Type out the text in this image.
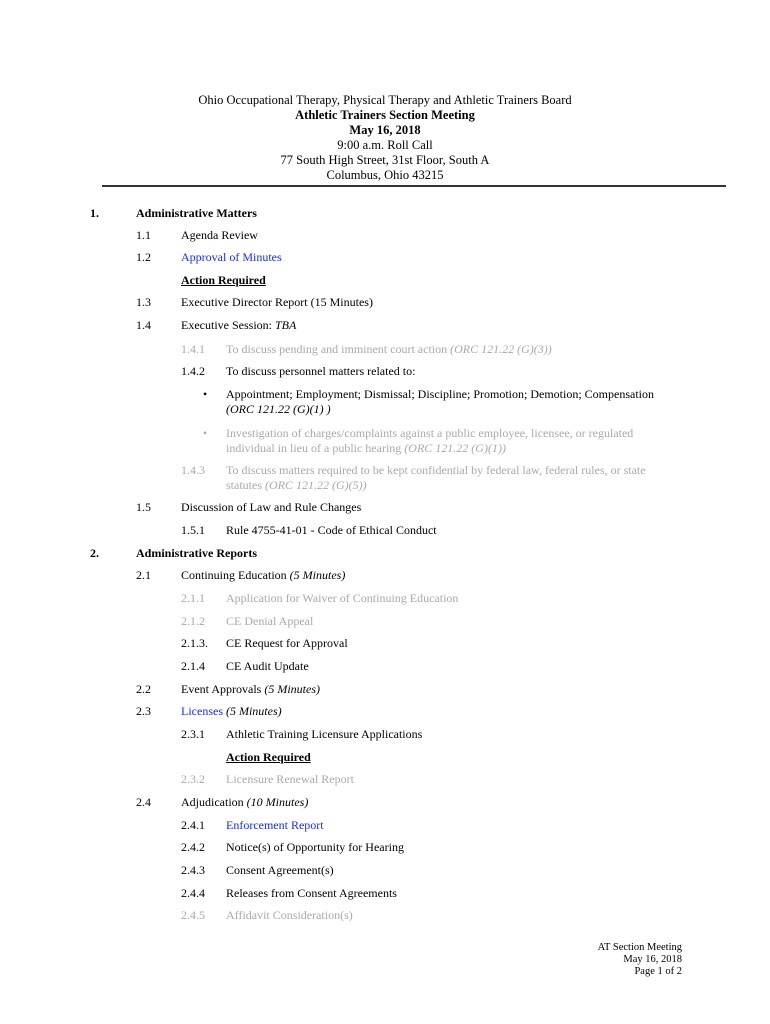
Ohio Occupational Therapy, Physical Therapy and Athletic Trainers Board
Athletic Trainers Section Meeting
May 16, 2018
9:00 a.m. Roll Call
77 South High Street, 31st Floor, South A
Columbus, Ohio 43215
1.	Administrative Matters
1.1	Agenda Review
1.2	Approval of Minutes
Action Required
1.3	Executive Director Report (15 Minutes)
1.4	Executive Session: TBA
1.4.1 To discuss pending and imminent court action (ORC 121.22 (G)(3))
1.4.2 To discuss personnel matters related to:
• Appointment; Employment; Dismissal; Discipline; Promotion; Demotion; Compensation
(ORC 121.22 (G)(1) )
• Investigation of charges/complaints against a public employee, licensee, or regulated
individual in lieu of a public hearing (ORC 121.22 (G)(1))
1.4.3 To discuss matters required to be kept confidential by federal law, federal rules, or state
statutes (ORC 121.22 (G)(5))
1.5	Discussion of Law and Rule Changes
1.5.1 Rule 4755-41-01 - Code of Ethical Conduct
2.	Administrative Reports
2.1	Continuing Education (5 Minutes)
2.1.1 Application for Waiver of Continuing Education
2.1.2 CE Denial Appeal
2.1.3. CE Request for Approval
2.1.4 CE Audit Update
2.2	Event Approvals (5 Minutes)
2.3	Licenses (5 Minutes)
2.3.1 Athletic Training Licensure Applications
Action Required
2.3.2 Licensure Renewal Report
2.4	Adjudication (10 Minutes)
2.4.1 Enforcement Report
2.4.2 Notice(s) of Opportunity for Hearing
2.4.3 Consent Agreement(s)
2.4.4 Releases from Consent Agreements
2.4.5 Affidavit Consideration(s)
AT Section Meeting
May 16, 2018
Page 1 of 2
